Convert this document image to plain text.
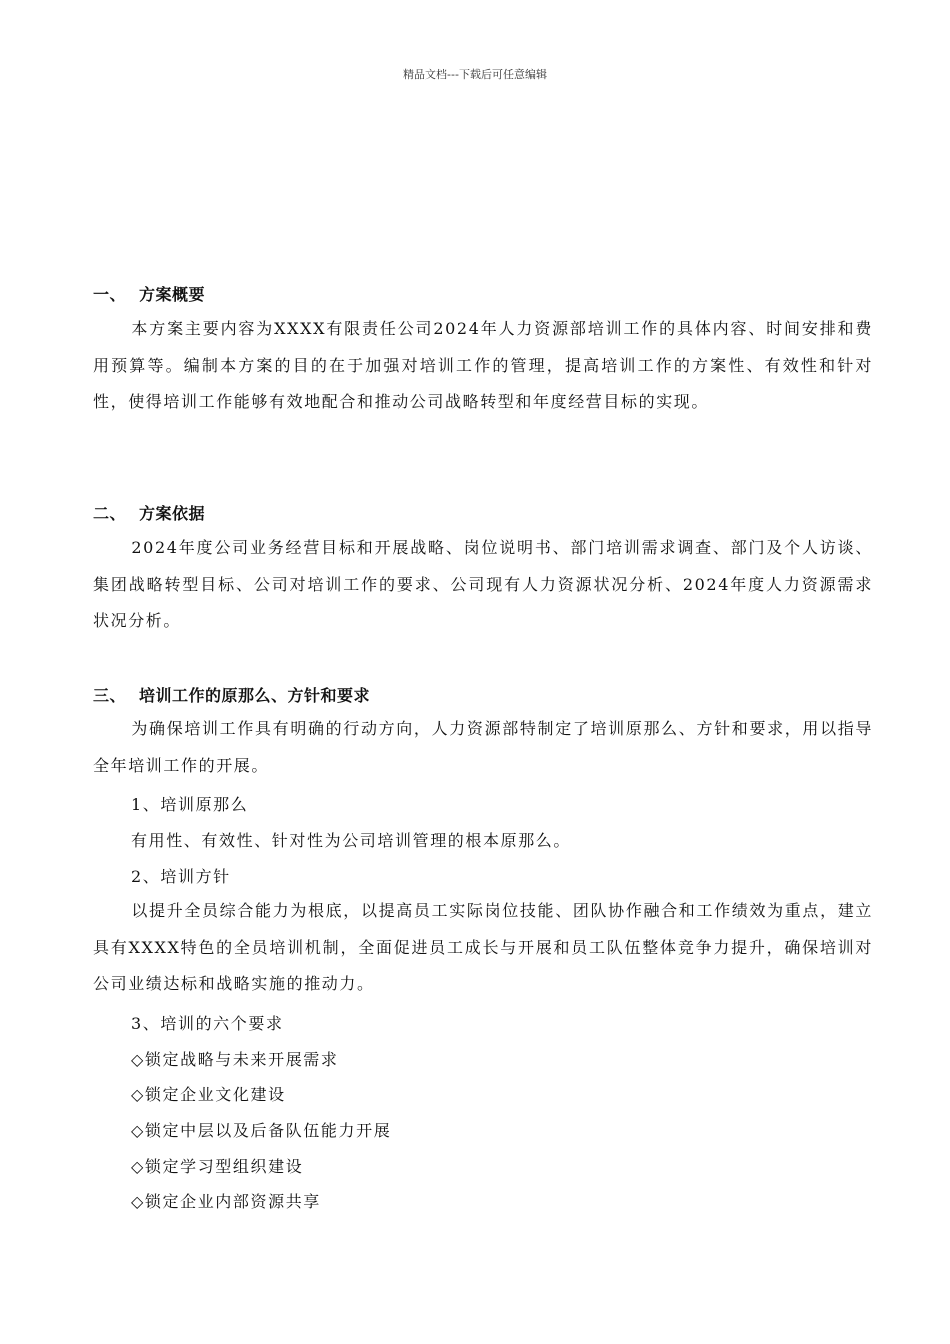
精品文档---下载后可任意编辑
一、 方案概要

本方案主要内容为XXXX有限责任公司2024年人力资源部培训工作的具体内容、时间安排和费用预算等。编制本方案的目的在于加强对培训工作的管理，提高培训工作的方案性、有效性和针对性，使得培训工作能够有效地配合和推动公司战略转型和年度经营目标的实现。

二、 方案依据

2024年度公司业务经营目标和开展战略、岗位说明书、部门培训需求调查、部门及个人访谈、集团战略转型目标、公司对培训工作的要求、公司现有人力资源状况分析、2024年度人力资源需求状况分析。

三、 培训工作的原那么、方针和要求

为确保培训工作具有明确的行动方向，人力资源部特制定了培训原那么、方针和要求，用以指导全年培训工作的开展。

1、培训原那么

有用性、有效性、针对性为公司培训管理的根本原那么。

2、培训方针

以提升全员综合能力为根底，以提高员工实际岗位技能、团队协作融合和工作绩效为重点，建立具有XXXX特色的全员培训机制，全面促进员工成长与开展和员工队伍整体竞争力提升，确保培训对公司业绩达标和战略实施的推动力。

3、培训的六个要求

◇锁定战略与未来开展需求

◇锁定企业文化建设

◇锁定中层以及后备队伍能力开展

◇锁定学习型组织建设

◇锁定企业内部资源共享
